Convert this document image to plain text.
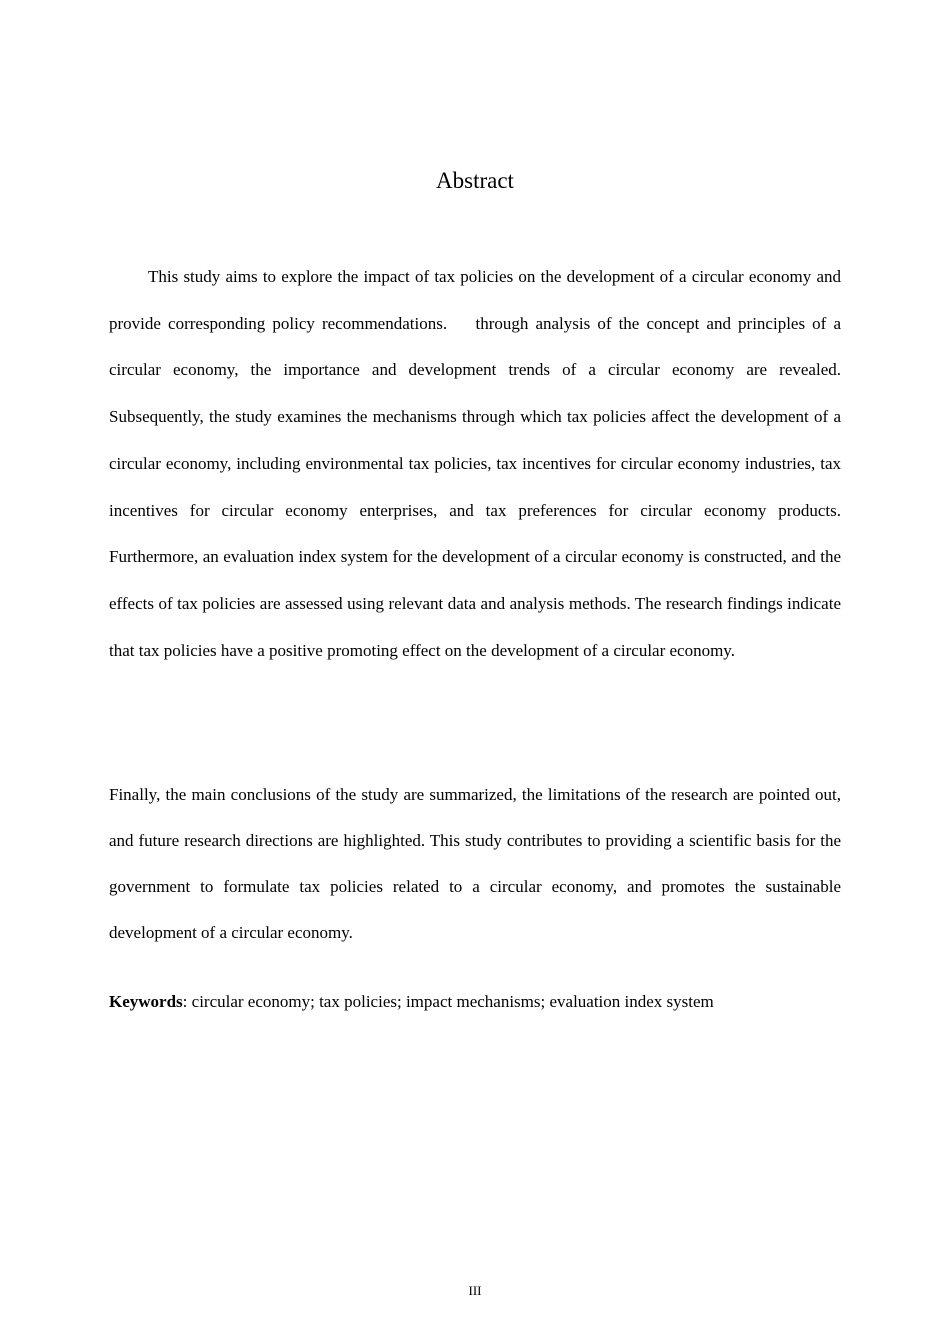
Abstract

This study aims to explore the impact of tax policies on the development of a circular economy and provide corresponding policy recommendations.    through analysis of the concept and principles of a circular economy, the importance and development trends of a circular economy are revealed. Subsequently, the study examines the mechanisms through which tax policies affect the development of a circular economy, including environmental tax policies, tax incentives for circular economy industries, tax incentives for circular economy enterprises, and tax preferences for circular economy products. Furthermore, an evaluation index system for the development of a circular economy is constructed, and the effects of tax policies are assessed using relevant data and analysis methods. The research findings indicate that tax policies have a positive promoting effect on the development of a circular economy.

Finally, the main conclusions of the study are summarized, the limitations of the research are pointed out, and future research directions are highlighted. This study contributes to providing a scientific basis for the government to formulate tax policies related to a circular economy, and promotes the sustainable development of a circular economy.

Keywords: circular economy; tax policies; impact mechanisms; evaluation index system

III
